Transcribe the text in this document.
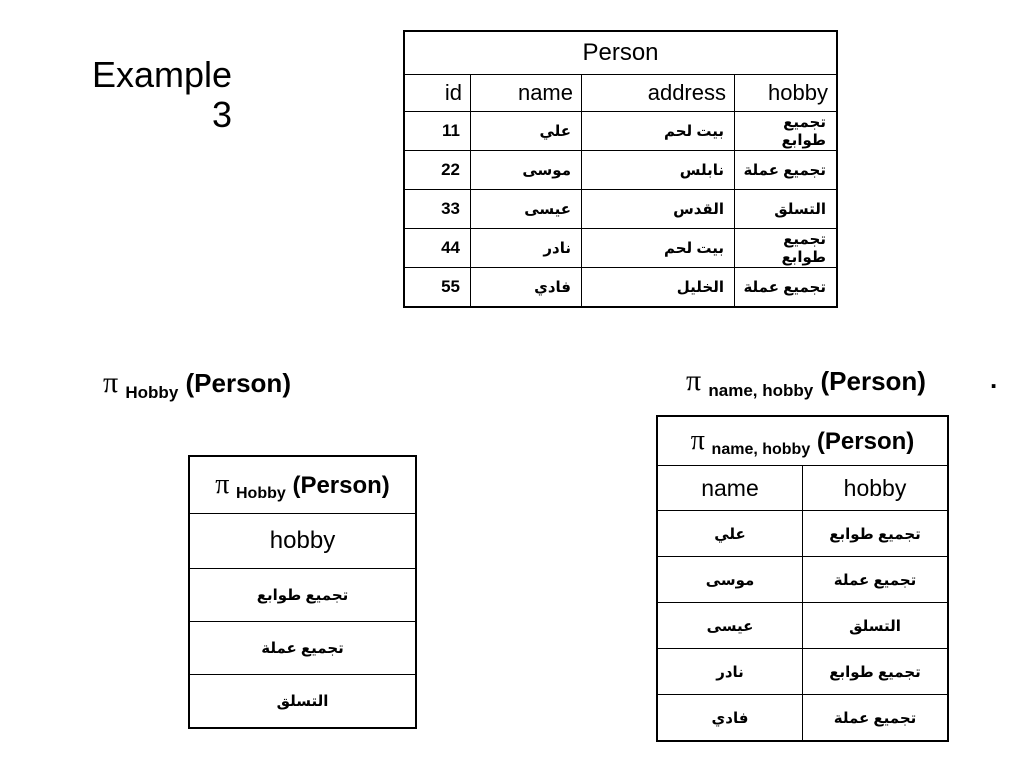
Example
3
Person			
id	name	address	hobby
11	علي	بيت لحم	تجميع طوابع
22	موسى	نابلس	تجميع عملة
33	عيسى	القدس	التسلق
44	نادر	بيت لحم	تجميع طوابع
55	فادي	الخليل	تجميع عملة
π $_{Hobby}$ (Person)	π $_{name, hobby}$ (Person) .
π $_{Hobby}$ (Person)
hobby
تجميع طوابع
تجميع عملة
التسلق
π $_{name, hobby}$ (Person)	
name	hobby
علي	تجميع طوابع
موسى	تجميع عملة
عيسى	التسلق
نادر	تجميع طوابع
فادي	تجميع عملة
